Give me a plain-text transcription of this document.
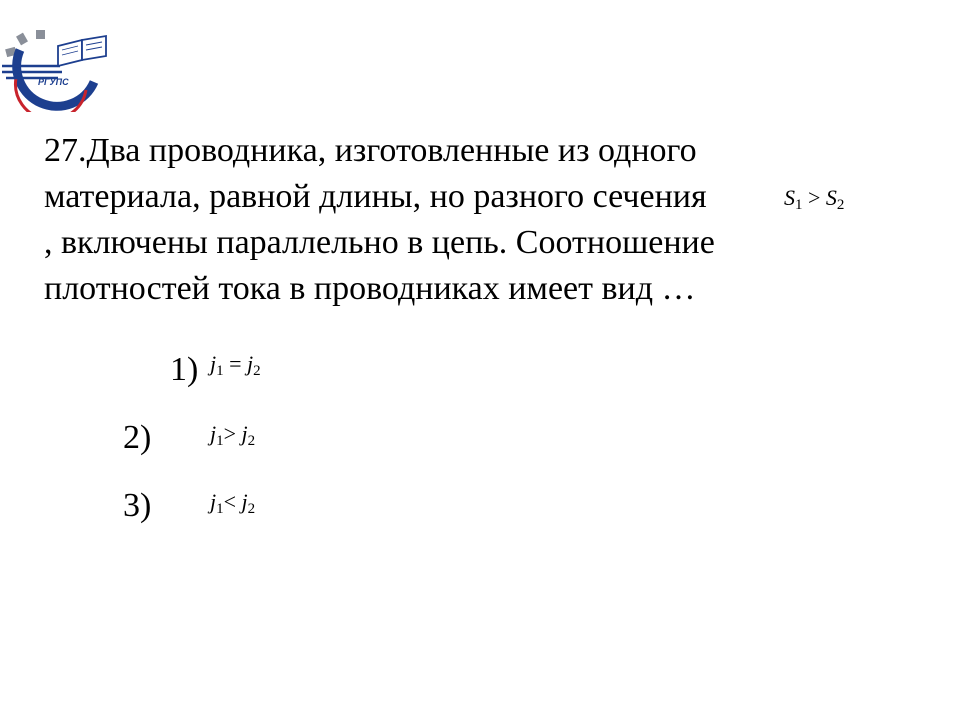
РГУПС
27.Два проводника, изготовленные из одного
материала, равной длины, но разного сечения	$S_1 > S_2$
, включены параллельно в цепь. Соотношение
плотностей тока в проводниках имеет вид …
1) $j_1 = j_2$
2)	$j_1> j_2$
3)	$j_1< j_2$
